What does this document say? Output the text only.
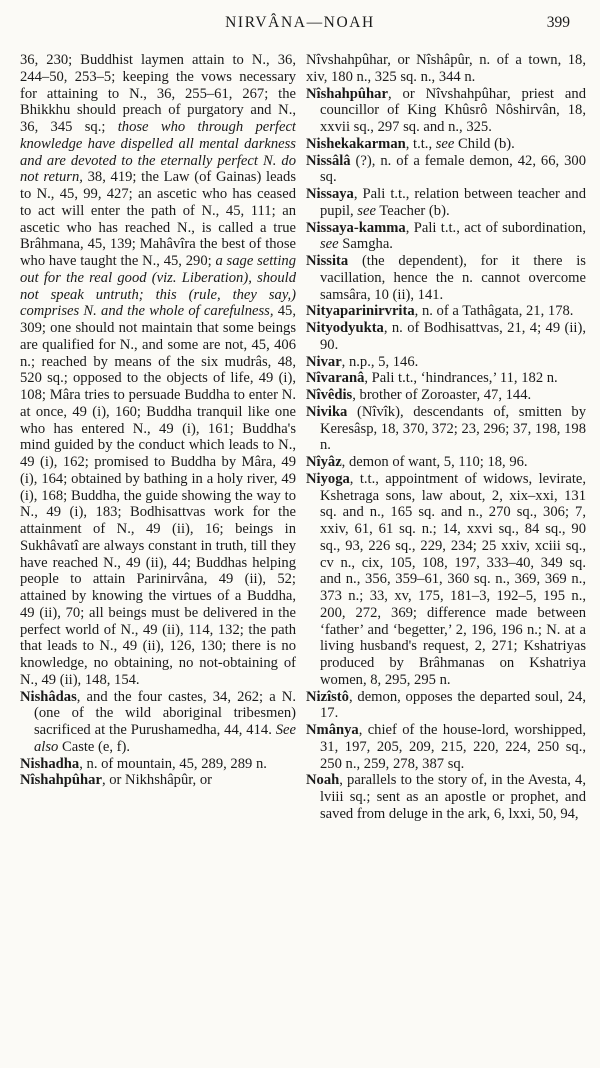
NIRVÂNA—NOAH	399

36, 230; Buddhist laymen attain to N., 36, 244–50, 253–5; keeping the vows necessary for attaining to N., 36, 255–61, 267; the Bhikkhu should preach of purgatory and N., 36, 345 sq.; those who through perfect knowledge have dispelled all mental darkness and are devoted to the eternally perfect N. do not return, 38, 419; the Law (of Gainas) leads to N., 45, 99, 427; an ascetic who has ceased to act will enter the path of N., 45, 111; an ascetic who has reached N., is called a true Brâhmana, 45, 139; Mahâvîra the best of those who have taught the N., 45, 290; a sage setting out for the real good (viz. Liberation), should not speak untruth; this (rule, they say,) comprises N. and the whole of carefulness, 45, 309; one should not maintain that some beings are qualified for N., and some are not, 45, 406 n.; reached by means of the six mudrâs, 48, 520 sq.; opposed to the objects of life, 49 (i), 108; Mâra tries to persuade Buddha to enter N. at once, 49 (i), 160; Buddha tranquil like one who has entered N., 49 (i), 161; Buddha's mind guided by the conduct which leads to N., 49 (i), 162; promised to Buddha by Mâra, 49 (i), 164; obtained by bathing in a holy river, 49 (i), 168; Buddha, the guide showing the way to N., 49 (i), 183; Bodhisattvas work for the attainment of N., 49 (ii), 16; beings in Sukhâvatî are always constant in truth, till they have reached N., 49 (ii), 44; Buddhas helping people to attain Parinirvâna, 49 (ii), 52; attained by knowing the virtues of a Buddha, 49 (ii), 70; all beings must be delivered in the perfect world of N., 49 (ii), 114, 132; the path that leads to N., 49 (ii), 126, 130; there is no knowledge, no obtaining, no not-obtaining of N., 49 (ii), 148, 154.

Nishâdas, and the four castes, 34, 262; a N. (one of the wild aboriginal tribesmen) sacrificed at the Purushamedha, 44, 414. See also Caste (e, f).

Nishadha, n. of mountain, 45, 289, 289 n.

Nîshahpûhar, or Nikhshâpûr, or

Nîvshahpûhar, or Nîshâpûr, n. of a town, 18, xiv, 180 n., 325 sq. n., 344 n.

Nîshahpûhar, or Nîvshahpûhar, priest and councillor of King Khûsrô Nôshirvân, 18, xxvii sq., 297 sq. and n., 325.

Nishekakarman, t.t., see Child (b).

Nissâlâ (?), n. of a female demon, 42, 66, 300 sq.

Nissaya, Pali t.t., relation between teacher and pupil, see Teacher (b).

Nissaya-kamma, Pali t.t., act of subordination, see Samgha.

Nissita (the dependent), for it there is vacillation, hence the n. cannot overcome samsâra, 10 (ii), 141.

Nityaparinirvrita, n. of a Tathâgata, 21, 178.

Nityodyukta, n. of Bodhisattvas, 21, 4; 49 (ii), 90.

Nivar, n.p., 5, 146.

Nîvaranâ, Pali t.t., ‘hindrances,’ 11, 182 n.

Nîvêdis, brother of Zoroaster, 47, 144.

Nivika (Nîvîk), descendants of, smitten by Keresâsp, 18, 370, 372; 23, 296; 37, 198, 198 n.

Nîyâz, demon of want, 5, 110; 18, 96.

Niyoga, t.t., appointment of widows, levirate, Kshetraga sons, law about, 2, xix–xxi, 131 sq. and n., 165 sq. and n., 270 sq., 306; 7, xxiv, 61, 61 sq. n.; 14, xxvi sq., 84 sq., 90 sq., 93, 226 sq., 229, 234; 25 xxiv, xciii sq., cv n., cix, 105, 108, 197, 333–40, 349 sq. and n., 356, 359–61, 360 sq. n., 369, 369 n., 373 n.; 33, xv, 175, 181–3, 192–5, 195 n., 200, 272, 369; difference made between ‘father’ and ‘begetter,’ 2, 196, 196 n.; N. at a living husband's request, 2, 271; Kshatriyas produced by Brâhmanas on Kshatriya women, 8, 295, 295 n.

Nizîstô, demon, opposes the departed soul, 24, 17.

Nmânya, chief of the house-lord, worshipped, 31, 197, 205, 209, 215, 220, 224, 250 sq., 250 n., 259, 278, 387 sq.

Noah, parallels to the story of, in the Avesta, 4, lviii sq.; sent as an apostle or prophet, and saved from deluge in the ark, 6, lxxi, 50, 94,
